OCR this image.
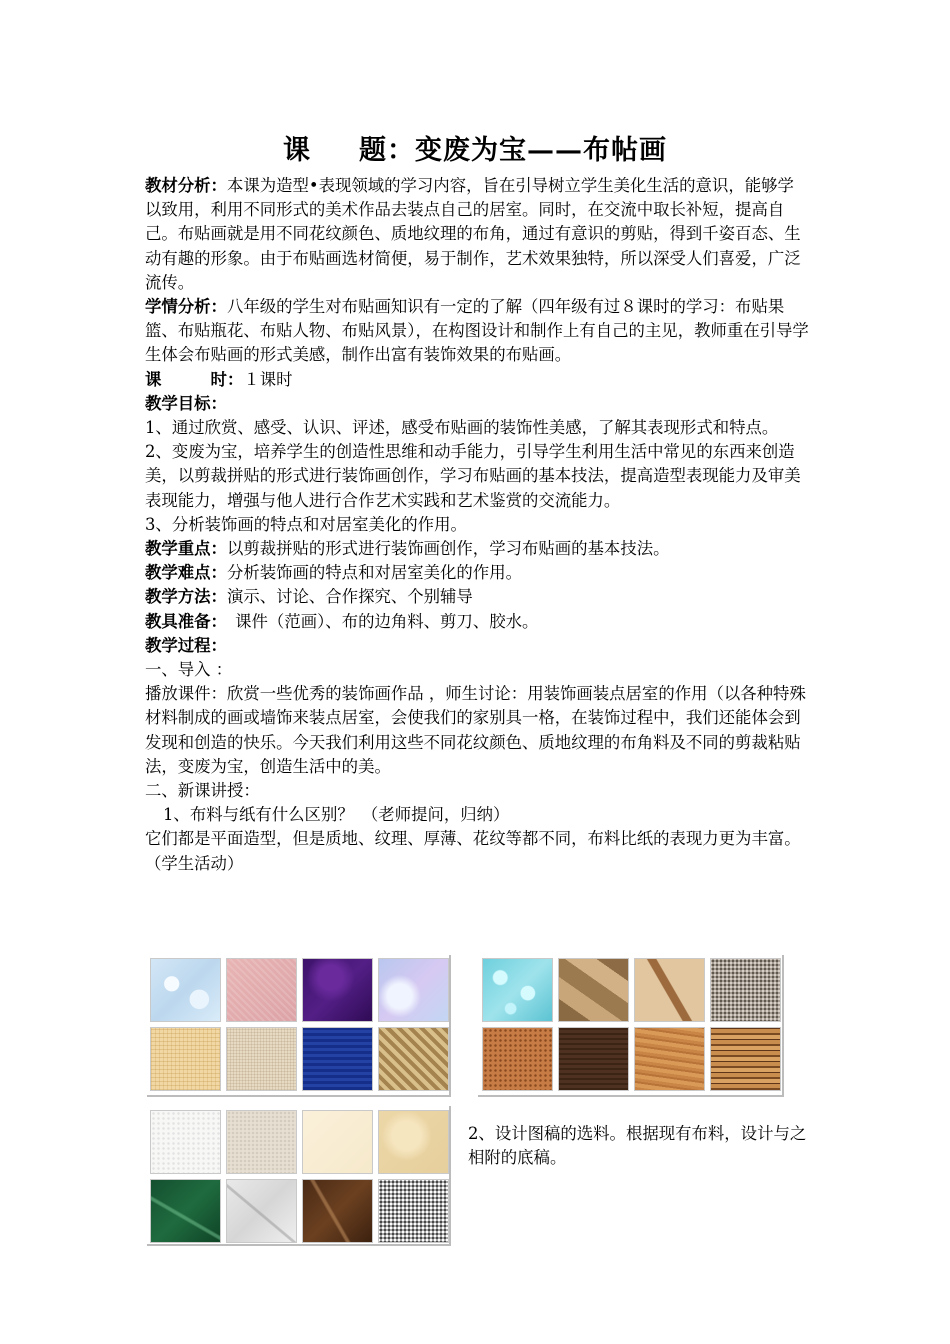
课 题：变废为宝——布帖画

教材分析：本课为造型•表现领域的学习内容，旨在引导树立学生美化生活的意识，能够学以致用，利用不同形式的美术作品去装点自己的居室。同时，在交流中取长补短，提高自己。布贴画就是用不同花纹颜色、质地纹理的布角，通过有意识的剪贴，得到千姿百态、生动有趣的形象。由于布贴画选材简便，易于制作，艺术效果独特，所以深受人们喜爱，广泛流传。

学情分析：八年级的学生对布贴画知识有一定的了解（四年级有过８课时的学习：布贴果篮、布贴瓶花、布贴人物、布贴风景），在构图设计和制作上有自己的主见，教师重在引导学生体会布贴画的形式美感，制作出富有装饰效果的布贴画。

课　　　时：１课时

教学目标：

1、通过欣赏、感受、认识、评述，感受布贴画的装饰性美感，了解其表现形式和特点。

2、变废为宝，培养学生的创造性思维和动手能力，引导学生利用生活中常见的东西来创造美，以剪裁拼贴的形式进行装饰画创作，学习布贴画的基本技法，提高造型表现能力及审美表现能力，增强与他人进行合作艺术实践和艺术鉴赏的交流能力。

3、分析装饰画的特点和对居室美化的作用。

教学重点：以剪裁拼贴的形式进行装饰画创作，学习布贴画的基本技法。

教学难点：分析装饰画的特点和对居室美化的作用。

教学方法：演示、讨论、合作探究、个别辅导

教具准备：　课件（范画）、布的边角料、剪刀、胶水。

教学过程：

一、导入 ：

播放课件：欣赏一些优秀的装饰画作品 ，师生讨论：用装饰画装点居室的作用（以各种特殊材料制成的画或墙饰来装点居室，会使我们的家别具一格，在装饰过程中，我们还能体会到发现和创造的快乐。今天我们利用这些不同花纹颜色、质地纹理的布角料及不同的剪裁粘贴法，变废为宝，创造生活中的美。

二、新课讲授：

1、布料与纸有什么区别？　（老师提问，归纳）

它们都是平面造型，但是质地、纹理、厚薄、花纹等都不同，布料比纸的表现力更为丰富。（学生活动）

2、设计图稿的选料。根据现有布料，设计与之相附的底稿。
